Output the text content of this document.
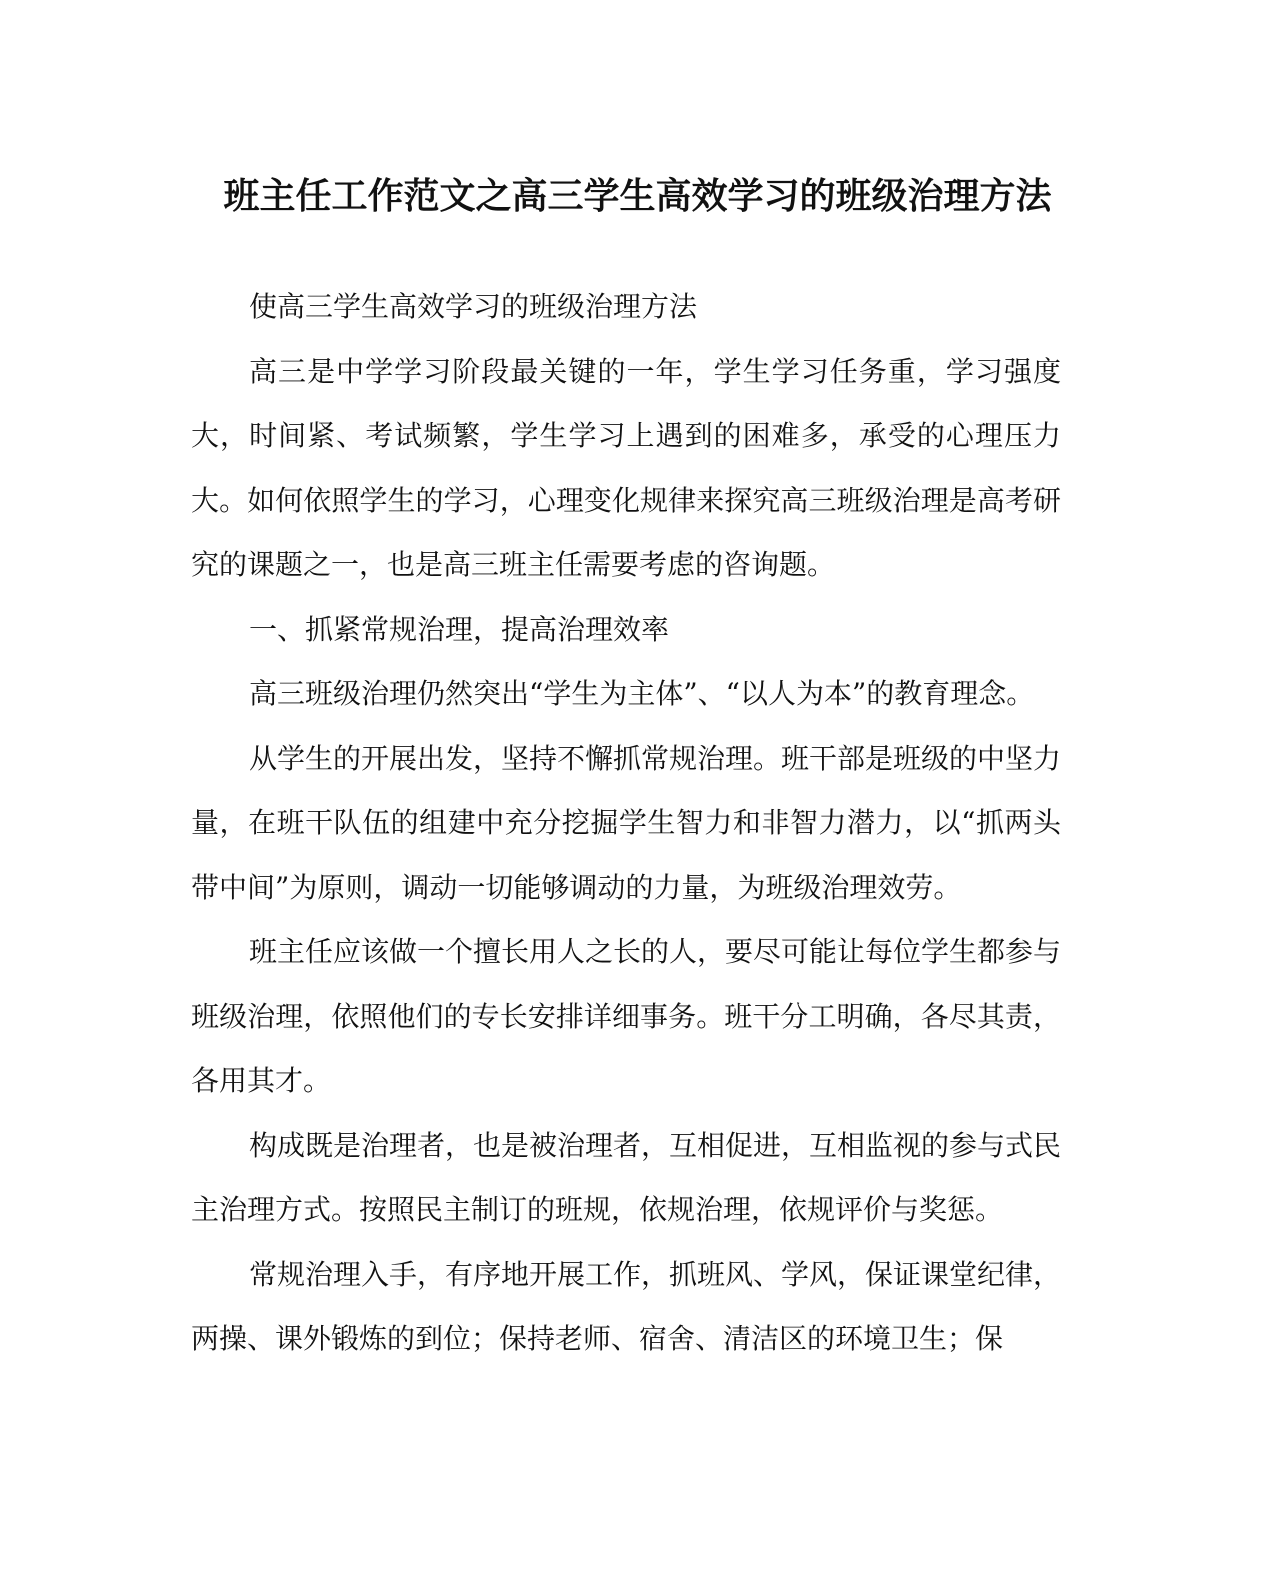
班主任工作范文之高三学生高效学习的班级治理方法

使高三学生高效学习的班级治理方法

高三是中学学习阶段最关键的一年，学生学习任务重，学习强度大，时间紧、考试频繁，学生学习上遇到的困难多，承受的心理压力大。如何依照学生的学习，心理变化规律来探究高三班级治理是高考研究的课题之一，也是高三班主任需要考虑的咨询题。

一、抓紧常规治理，提高治理效率

高三班级治理仍然突出“学生为主体”、“以人为本”的教育理念。

从学生的开展出发，坚持不懈抓常规治理。班干部是班级的中坚力量，在班干队伍的组建中充分挖掘学生智力和非智力潜力，以“抓两头带中间”为原则，调动一切能够调动的力量，为班级治理效劳。

班主任应该做一个擅长用人之长的人，要尽可能让每位学生都参与班级治理，依照他们的专长安排详细事务。班干分工明确，各尽其责，各用其才。

构成既是治理者，也是被治理者，互相促进，互相监视的参与式民主治理方式。按照民主制订的班规，依规治理，依规评价与奖惩。

常规治理入手，有序地开展工作，抓班风、学风，保证课堂纪律，两操、课外锻炼的到位；保持老师、宿舍、清洁区的环境卫生；保
